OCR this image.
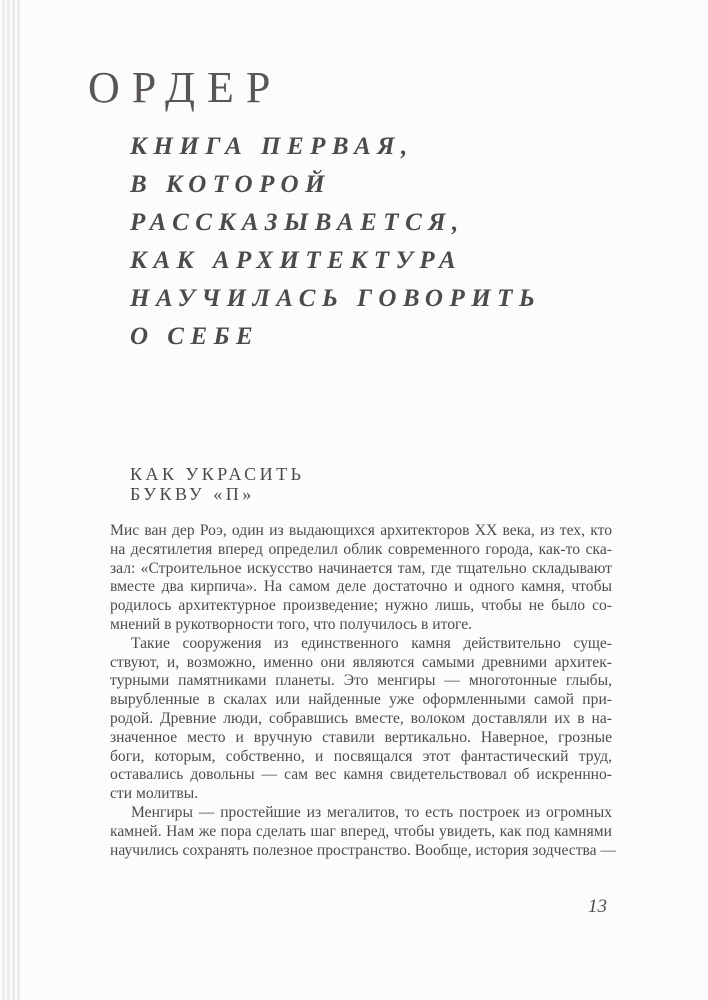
ОРДЕР
КНИГА ПЕРВАЯ,
В КОТОРОЙ
РАССКАЗЫВАЕТСЯ,
КАК АРХИТЕКТУРА
НАУЧИЛАСЬ ГОВОРИТЬ
О СЕБЕ
КАК УКРАСИТЬ
БУКВУ «П»
Мис ван дер Роэ, один из выдающихся архитекторов XX века, из тех, кто
на десятилетия вперед определил облик современного города, как-то ска-
зал: «Строительное искусство начинается там, где тщательно складывают
вместе два кирпича». На самом деле достаточно и одного камня, чтобы
родилось архитектурное произведение; нужно лишь, чтобы не было со-
мнений в рукотворности того, что получилось в итоге.
Такие сооружения из единственного камня действительно суще-
ствуют, и, возможно, именно они являются самыми древними архитек-
турными памятниками планеты. Это менгиры — многотонные глыбы,
вырубленные в скалах или найденные уже оформленными самой при-
родой. Древние люди, собравшись вместе, волоком доставляли их в на-
значенное место и вручную ставили вертикально. Наверное, грозные
боги, которым, собственно, и посвящался этот фантастический труд,
оставались довольны — сам вес камня свидетельствовал об искреннно-
сти молитвы.
Менгиры — простейшие из мегалитов, то есть построек из огромных
камней. Нам же пора сделать шаг вперед, чтобы увидеть, как под камнями
научились сохранять полезное пространство. Вообще, история зодчества —
13
